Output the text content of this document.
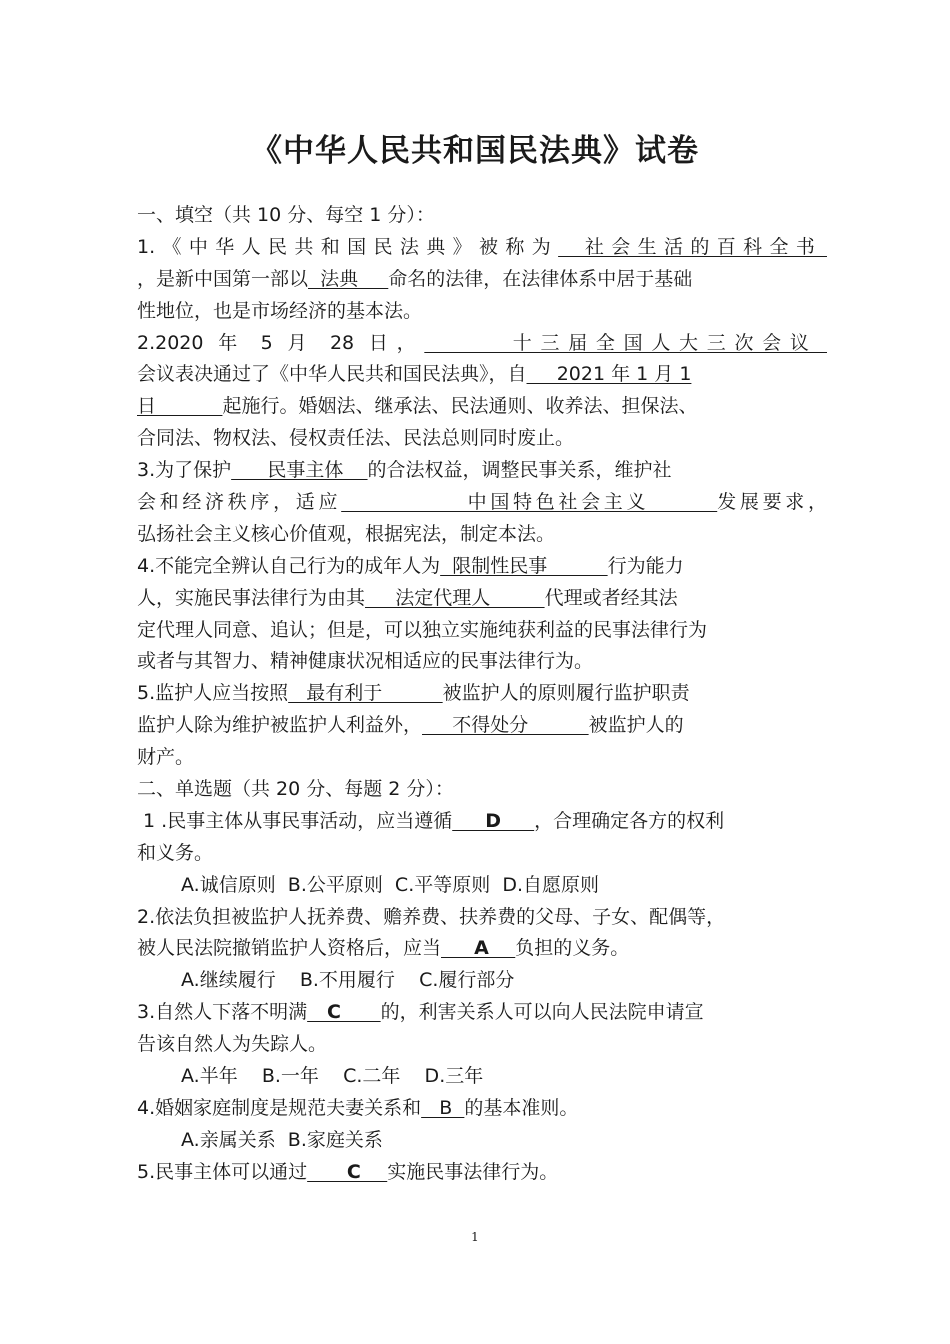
《中华人民共和国民法典》试卷
一、填空（共 10 分、每空 1 分）：
1.《中华人民共和国民法典》被称为  社会生活的百科全书
，是新中国第一部以  法典     命名的法律，在法律体系中居于基础
性地位，也是市场经济的基本法。
2.2020 年 5 月 28 日，      十三届全国人大三次会议
会议表决通过了《中华人民共和国民法典》，自     2021 年 1 月 1
日           起施行。婚姻法、继承法、民法通则、收养法、担保法、
合同法、物权法、侵权责任法、民法总则同时废止。
3.为了保护      民事主体    的合法权益，调整民事关系，维护社
会和经济秩序，适应             中国特色社会主义       发展要求，
弘扬社会主义核心价值观，根据宪法，制定本法。
4.不能完全辨认自己行为的成年人为  限制性民事          行为能力
人，实施民事法律行为由其     法定代理人         代理或者经其法
定代理人同意、追认；但是，可以独立实施纯获利益的民事法律行为
或者与其智力、精神健康状况相适应的民事法律行为。
5.监护人应当按照   最有利于          被监护人的原则履行监护职责
监护人除为维护被监护人利益外，     不得处分          被监护人的
财产。
二、单选题（共 20 分、每题 2 分）：
1 .民事主体从事民事活动，应当遵循     D     ，合理确定各方的权利
和义务。
A.诚信原则  B.公平原则  C.平等原则  D.自愿原则
2.依法负担被监护人抚养费、赡养费、扶养费的父母、子女、配偶等，
被人民法院撤销监护人资格后，应当     A    负担的义务。
A.继续履行    B.不用履行    C.履行部分
3.自然人下落不明满   C      的，利害关系人可以向人民法院申请宣
告该自然人为失踪人。
A.半年    B.一年    C.二年    D.三年
4.婚姻家庭制度是规范夫妻关系和   B  的基本准则。
A.亲属关系  B.家庭关系
5.民事主体可以通过      C    实施民事法律行为。
1
